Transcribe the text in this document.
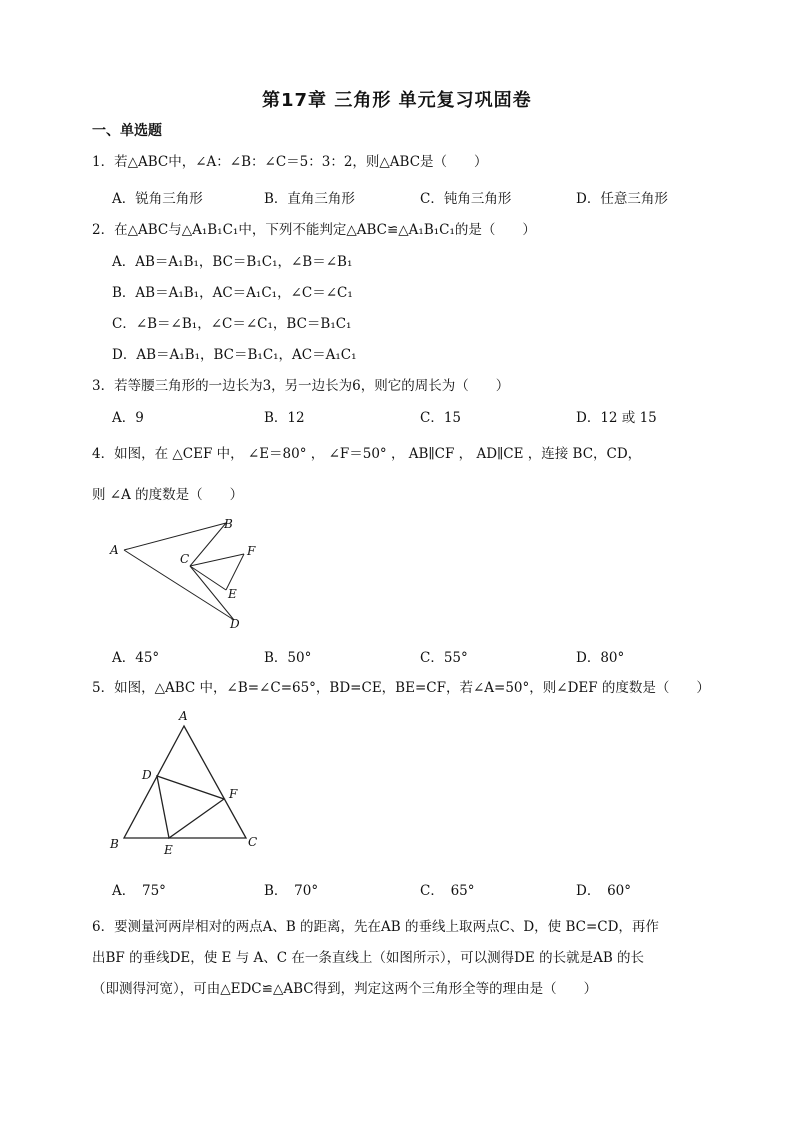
第17章 三角形 单元复习巩固卷
一、单选题
1．若△ABC中，∠A：∠B：∠C＝5：3：2，则△ABC是（　　）
A．锐角三角形	B．直角三角形	C．钝角三角形	D．任意三角形
2．在△ABC与△A₁B₁C₁中，下列不能判定△ABC≌△A₁B₁C₁的是（　　）
A．AB＝A₁B₁，BC＝B₁C₁，∠B＝∠B₁
B．AB＝A₁B₁，AC＝A₁C₁，∠C＝∠C₁
C．∠B＝∠B₁，∠C＝∠C₁，BC＝B₁C₁
D．AB＝A₁B₁，BC＝B₁C₁，AC＝A₁C₁
3．若等腰三角形的一边长为3，另一边长为6，则它的周长为（　　）
A．9	B．12	C．15	D．12 或 15
4．如图，在 △CEF 中， ∠E＝80° ， ∠F＝50° ， AB∥CF ， AD∥CE ，连接 BC，CD，
则 ∠A 的度数是（　　）
A
B
C
D
E
F
A．45°	B．50°	C．55°	D．80°
5．如图，△ABC 中，∠B=∠C=65°，BD=CE，BE=CF，若∠A=50°，则∠DEF 的度数是（　　）
A
B	C
D
E
F
A．　75°	B．　70°	C．　65°	D．　60°
6．要测量河两岸相对的两点A、B 的距离，先在AB 的垂线上取两点C、D，使 BC=CD，再作
出BF 的垂线DE，使 E 与 A、C 在一条直线上（如图所示），可以测得DE 的长就是AB 的长
（即测得河宽），可由△EDC≌△ABC得到，判定这两个三角形全等的理由是（　　）
